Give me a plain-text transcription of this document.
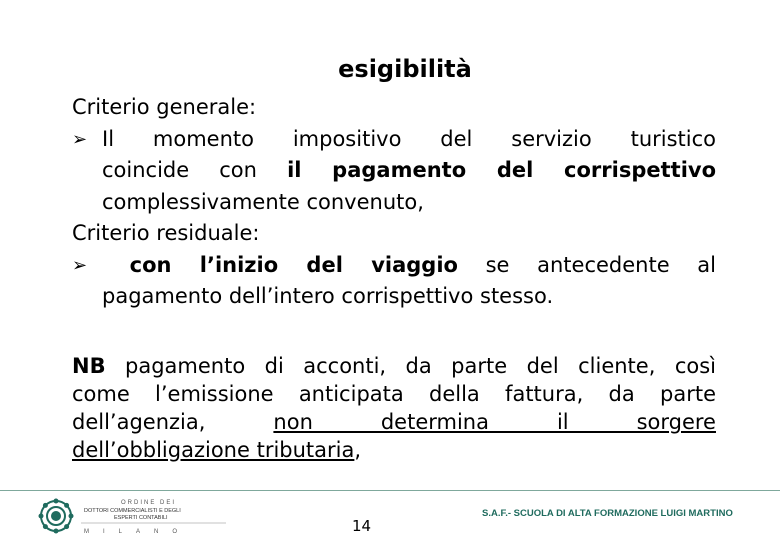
esigibilità

Criterio generale:

➢ Il momento impositivo del servizio turistico
coincide con il pagamento del corrispettivo
complessivamente convenuto,

Criterio residuale:

➢	con l’inizio del viaggio se antecedente al
pagamento dell’intero corrispettivo stesso.
NB pagamento di acconti, da parte del cliente, così
come l’emissione anticipata della fattura, da parte
dell’agenzia,	non determina il sorgere
dell’obbligazione tributaria,
ORDINE DEI
DOTTORI COMMERCIALISTI E DEGLI
ESPERTI CONTABILI
MILANO	14
S.A.F.- SCUOLA DI ALTA FORMAZIONE LUIGI MARTINO
